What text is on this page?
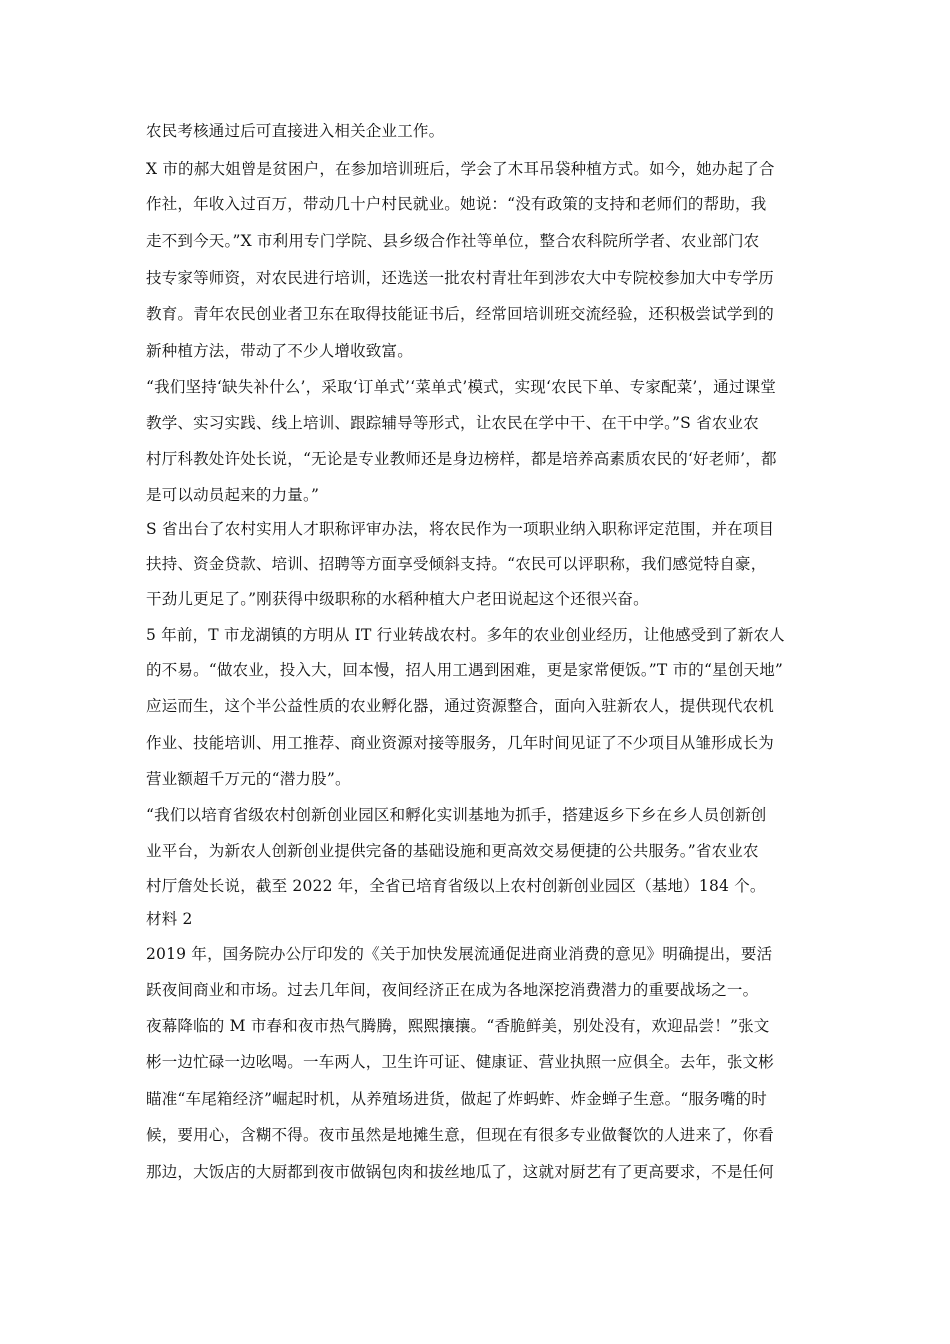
农民考核通过后可直接进入相关企业工作。
X 市的郝大姐曾是贫困户，在参加培训班后，学会了木耳吊袋种植方式。如今，她办起了合
作社，年收入过百万，带动几十户村民就业。她说：“没有政策的支持和老师们的帮助，我
走不到今天。”X 市利用专门学院、县乡级合作社等单位，整合农科院所学者、农业部门农
技专家等师资，对农民进行培训，还选送一批农村青壮年到涉农大中专院校参加大中专学历
教育。青年农民创业者卫东在取得技能证书后，经常回培训班交流经验，还积极尝试学到的
新种植方法，带动了不少人增收致富。
“我们坚持‘缺失补什么’，采取‘订单式’‘菜单式’模式，实现‘农民下单、专家配菜’，通过课堂
教学、实习实践、线上培训、跟踪辅导等形式，让农民在学中干、在干中学。”S 省农业农
村厅科教处许处长说，“无论是专业教师还是身边榜样，都是培养高素质农民的‘好老师’，都
是可以动员起来的力量。”
S 省出台了农村实用人才职称评审办法，将农民作为一项职业纳入职称评定范围，并在项目
扶持、资金贷款、培训、招聘等方面享受倾斜支持。“农民可以评职称，我们感觉特自豪，
干劲儿更足了。”刚获得中级职称的水稻种植大户老田说起这个还很兴奋。
5 年前，T 市龙湖镇的方明从 IT 行业转战农村。多年的农业创业经历，让他感受到了新农人
的不易。“做农业，投入大，回本慢，招人用工遇到困难，更是家常便饭。”T 市的“星创天地”
应运而生，这个半公益性质的农业孵化器，通过资源整合，面向入驻新农人，提供现代农机
作业、技能培训、用工推荐、商业资源对接等服务，几年时间见证了不少项目从雏形成长为
营业额超千万元的“潜力股”。
“我们以培育省级农村创新创业园区和孵化实训基地为抓手，搭建返乡下乡在乡人员创新创
业平台，为新农人创新创业提供完备的基础设施和更高效交易便捷的公共服务。”省农业农
村厅詹处长说，截至 2022 年，全省已培育省级以上农村创新创业园区（基地）184 个。
材料 2
2019 年，国务院办公厅印发的《关于加快发展流通促进商业消费的意见》明确提出，要活
跃夜间商业和市场。过去几年间，夜间经济正在成为各地深挖消费潜力的重要战场之一。
夜幕降临的 M 市春和夜市热气腾腾，熙熙攘攘。“香脆鲜美，别处没有，欢迎品尝！”张文
彬一边忙碌一边吆喝。一车两人，卫生许可证、健康证、营业执照一应俱全。去年，张文彬
瞄准“车尾箱经济”崛起时机，从养殖场进货，做起了炸蚂蚱、炸金蝉子生意。“服务嘴的时
候，要用心，含糊不得。夜市虽然是地摊生意，但现在有很多专业做餐饮的人进来了，你看
那边，大饭店的大厨都到夜市做锅包肉和拔丝地瓜了，这就对厨艺有了更高要求，不是任何
